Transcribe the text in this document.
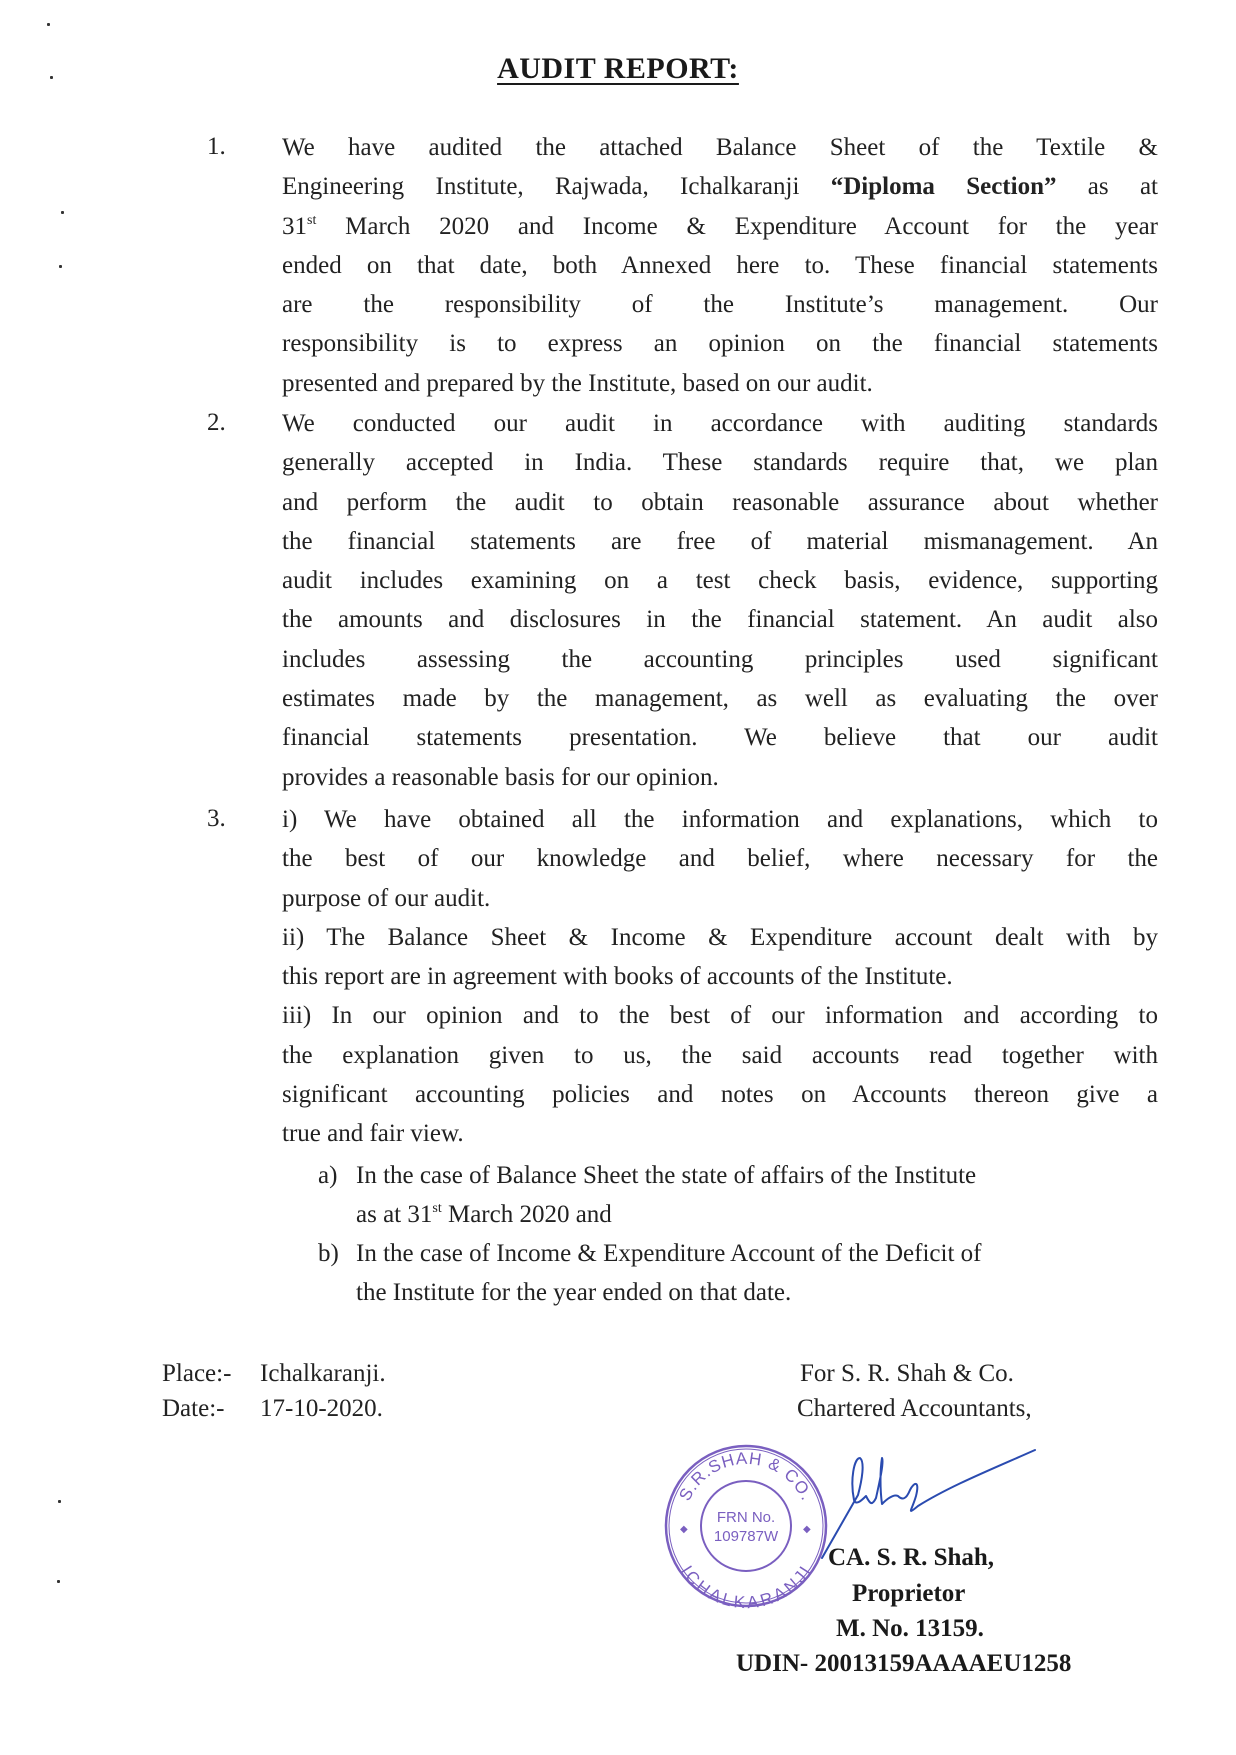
AUDIT REPORT:
1. We have audited the attached Balance Sheet of the Textile &
Engineering Institute, Rajwada, Ichalkaranji “Diploma Section” as at
31st March 2020 and Income & Expenditure Account for the year
ended on that date, both Annexed here to. These financial statements
are the responsibility of the Institute’s management. Our
responsibility is to express an opinion on the financial statements
presented and prepared by the Institute, based on our audit.
2. We conducted our audit in accordance with auditing standards
generally accepted in India. These standards require that, we plan
and perform the audit to obtain reasonable assurance about whether
the financial statements are free of material mismanagement. An
audit includes examining on a test check basis, evidence, supporting
the amounts and disclosures in the financial statement. An audit also
includes assessing the accounting principles used significant
estimates made by the management, as well as evaluating the over
financial statements presentation. We believe that our audit
provides a reasonable basis for our opinion.
3. i) We have obtained all the information and explanations, which to
the best of our knowledge and belief, where necessary for the
purpose of our audit.
ii) The Balance Sheet & Income & Expenditure account dealt with by
this report are in agreement with books of accounts of the Institute.
iii) In our opinion and to the best of our information and according to
the explanation given to us, the said accounts read together with
significant accounting policies and notes on Accounts thereon give a
true and fair view.
a) In the case of Balance Sheet the state of affairs of the Institute
as at 31st March 2020 and
b) In the case of Income & Expenditure Account of the Deficit of
the Institute for the year ended on that date.
Place:- Ichalkaranji.
Date:- 17-10-2020.
For S. R. Shah & Co.
Chartered Accountants,
S.R.SHAH & CO.
ICHALKARANJI
◆	◆
FRN No.
109787W
CA. S. R. Shah,
Proprietor
M. No. 13159.
UDIN- 20013159AAAAEU1258
